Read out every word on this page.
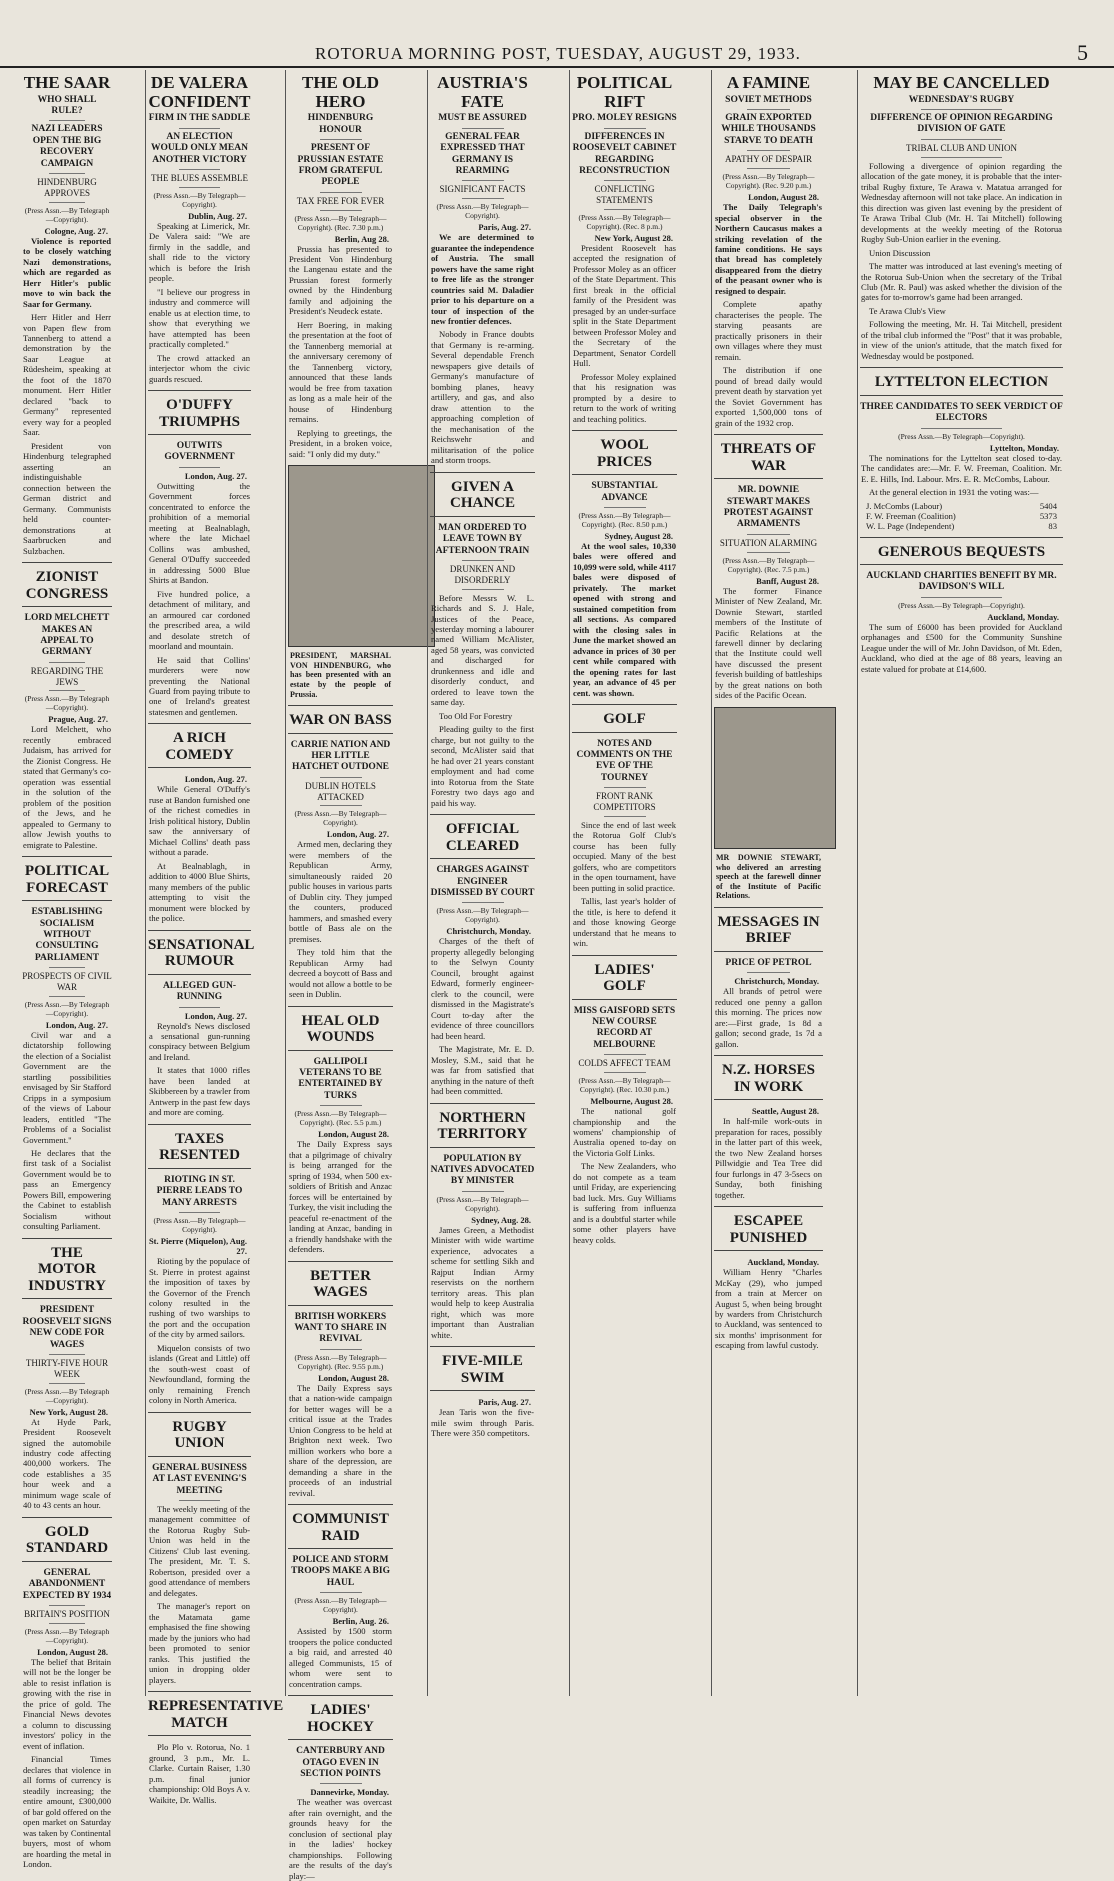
ROTORUA MORNING POST, TUESDAY, AUGUST 29, 1933.	5
THE SAAR
WHO SHALL RULE?
NAZI LEADERS OPEN THE BIG RECOVERY CAMPAIGN
HINDENBURG APPROVES
(Press Assn.—By Telegraph—Copyright).
Cologne, Aug. 27.

Violence is reported to be closely watching Nazi demonstrations, which are regarded as Herr Hitler's public move to win back the Saar for Germany.

Herr Hitler and Herr von Papen flew from Tannenberg to attend a demonstration by the Saar League at Rüdesheim, speaking at the foot of the 1870 monument. Herr Hitler declared "back to Germany" represented every way for a peopled Saar.

President von Hindenburg telegraphed asserting an indistinguishable connection between the German district and Germany. Communists held counter-demonstrations at Saarbrucken and Sulzbachen.

ZIONIST CONGRESS
LORD MELCHETT MAKES AN APPEAL TO GERMANY
REGARDING THE JEWS
(Press Assn.—By Telegraph—Copyright).
Prague, Aug. 27.

Lord Melchett, who recently embraced Judaism, has arrived for the Zionist Congress. He stated that Germany's co-operation was essential in the solution of the problem of the position of the Jews, and he appealed to Germany to allow Jewish youths to emigrate to Palestine.

POLITICAL FORECAST
ESTABLISHING SOCIALISM WITHOUT CONSULTING PARLIAMENT
PROSPECTS OF CIVIL WAR
(Press Assn.—By Telegraph—Copyright).
London, Aug. 27.

Civil war and a dictatorship following the election of a Socialist Government are the startling possibilities envisaged by Sir Stafford Cripps in a symposium of the views of Labour leaders, entitled "The Problems of a Socialist Government."

He declares that the first task of a Socialist Government would be to pass an Emergency Powers Bill, empowering the Cabinet to establish Socialism without consulting Parliament.

THE MOTOR INDUSTRY
PRESIDENT ROOSEVELT SIGNS NEW CODE FOR WAGES
THIRTY-FIVE HOUR WEEK
(Press Assn.—By Telegraph—Copyright).
New York, August 28.

At Hyde Park, President Roosevelt signed the automobile industry code affecting 400,000 workers. The code establishes a 35 hour week and a minimum wage scale of 40 to 43 cents an hour.

GOLD STANDARD
GENERAL ABANDONMENT EXPECTED BY 1934
BRITAIN'S POSITION
(Press Assn.—By Telegraph—Copyright).
London, August 28.

The belief that Britain will not be the longer be able to resist inflation is growing with the rise in the price of gold. The Financial News devotes a column to discussing investors' policy in the event of inflation.

Financial Times declares that violence in all forms of currency is steadily increasing; the entire amount, £300,000 of bar gold offered on the open market on Saturday was taken by Continental buyers, most of whom are hoarding the metal in London.

DE VALERA CONFIDENT
FIRM IN THE SADDLE
AN ELECTION WOULD ONLY MEAN ANOTHER VICTORY
THE BLUES ASSEMBLE
(Press Assn.—By Telegraph—Copyright).
Dublin, Aug. 27.

Speaking at Limerick, Mr. De Valera said: "We are firmly in the saddle, and shall ride to the victory which is before the Irish people.

"I believe our progress in industry and commerce will enable us at election time, to show that everything we have attempted has been practically completed."

The crowd attacked an interjector whom the civic guards rescued.

O'DUFFY TRIUMPHS
OUTWITS GOVERNMENT
London, Aug. 27.

Outwitting the Government forces concentrated to enforce the prohibition of a memorial meeting at Bealnablagh, where the late Michael Collins was ambushed, General O'Duffy succeeded in addressing 5000 Blue Shirts at Bandon.

Five hundred police, a detachment of military, and an armoured car cordoned the prescribed area, a wild and desolate stretch of moorland and mountain.

He said that Collins' murderers were now preventing the National Guard from paying tribute to one of Ireland's greatest statesmen and gentlemen.

A RICH COMEDY
London, Aug. 27.

While General O'Duffy's ruse at Bandon furnished one of the richest comedies in Irish political history, Dublin saw the anniversary of Michael Collins' death pass without a parade.

At Bealnablagh, in addition to 4000 Blue Shirts, many members of the public attempting to visit the monument were blocked by the police.

SENSATIONAL RUMOUR
ALLEGED GUN-RUNNING
London, Aug. 27.

Reynold's News disclosed a sensational gun-running conspiracy between Belgium and Ireland.

It states that 1000 rifles have been landed at Skibbereen by a trawler from Antwerp in the past few days and more are coming.

TAXES RESENTED
RIOTING IN ST. PIERRE LEADS TO MANY ARRESTS
(Press Assn.—By Telegraph—Copyright).
St. Pierre (Miquelon), Aug. 27.

Rioting by the populace of St. Pierre in protest against the imposition of taxes by the Governor of the French colony resulted in the rushing of two warships to the port and the occupation of the city by armed sailors.

Miquelon consists of two islands (Great and Little) off the south-west coast of Newfoundland, forming the only remaining French colony in North America.

RUGBY UNION
GENERAL BUSINESS AT LAST EVENING'S MEETING

The weekly meeting of the management committee of the Rotorua Rugby Sub-Union was held in the Citizens' Club last evening. The president, Mr. T. S. Robertson, presided over a good attendance of members and delegates.

The manager's report on the Matamata game emphasised the fine showing made by the juniors who had been promoted to senior ranks. This justified the union in dropping older players.

REPRESENTATIVE MATCH

Plo Plo v. Rotorua, No. 1 ground, 3 p.m., Mr. L. Clarke. Curtain Raiser, 1.30 p.m. final junior championship: Old Boys A v. Waikite, Dr. Wallis.

THE OLD HERO
HINDENBURG HONOUR
PRESENT OF PRUSSIAN ESTATE FROM GRATEFUL PEOPLE
TAX FREE FOR EVER
(Press Assn.—By Telegraph—Copyright). (Rec. 7.30 p.m.)
Berlin, Aug 28.

Prussia has presented to President Von Hindenburg the Langenau estate and the Prussian forest formerly owned by the Hindenburg family and adjoining the President's Neudeck estate.

Herr Boering, in making the presentation at the foot of the Tannenberg memorial at the anniversary ceremony of the Tannenberg victory, announced that these lands would be free from taxation as long as a male heir of the house of Hindenburg remains.

Replying to greetings, the President, in a broken voice, said: "I only did my duty."

PRESIDENT, MARSHAL VON HINDENBURG, who has been presented with an estate by the people of Prussia.
WAR ON BASS
CARRIE NATION AND HER LITTLE HATCHET OUTDONE
DUBLIN HOTELS ATTACKED
(Press Assn.—By Telegraph—Copyright).
London, Aug. 27.

Armed men, declaring they were members of the Republican Army, simultaneously raided 20 public houses in various parts of Dublin city. They jumped the counters, produced hammers, and smashed every bottle of Bass ale on the premises.

They told him that the Republican Army had decreed a boycott of Bass and would not allow a bottle to be seen in Dublin.

HEAL OLD WOUNDS
GALLIPOLI VETERANS TO BE ENTERTAINED BY TURKS
(Press Assn.—By Telegraph—Copyright). (Rec. 5.5 p.m.)
London, August 28.

The Daily Express says that a pilgrimage of chivalry is being arranged for the spring of 1934, when 500 ex-soldiers of British and Anzac forces will be entertained by Turkey, the visit including the peaceful re-enactment of the landing at Anzac, banding in a friendly handshake with the defenders.

BETTER WAGES
BRITISH WORKERS WANT TO SHARE IN REVIVAL
(Press Assn.—By Telegraph—Copyright). (Rec. 9.55 p.m.)
London, August 28.

The Daily Express says that a nation-wide campaign for better wages will be a critical issue at the Trades Union Congress to be held at Brighton next week. Two million workers who bore a share of the depression, are demanding a share in the proceeds of an industrial revival.

COMMUNIST RAID
POLICE AND STORM TROOPS MAKE A BIG HAUL
(Press Assn.—By Telegraph—Copyright).
Berlin, Aug. 26.

Assisted by 1500 storm troopers the police conducted a big raid, and arrested 40 alleged Communists, 15 of whom were sent to concentration camps.

LADIES' HOCKEY
CANTERBURY AND OTAGO EVEN IN SECTION POINTS
Dannevirke, Monday.

The weather was overcast after rain overnight, and the grounds heavy for the conclusion of sectional play in the ladies' hockey championships. Following are the results of the day's play:—

AUSTRIA'S FATE
MUST BE ASSURED
GENERAL FEAR EXPRESSED THAT GERMANY IS REARMING
SIGNIFICANT FACTS
(Press Assn.—By Telegraph—Copyright).
Paris, Aug. 27.

We are determined to guarantee the independence of Austria. The small powers have the same right to free life as the stronger countries said M. Daladier prior to his departure on a tour of inspection of the new frontier defences.

Nobody in France doubts that Germany is re-arming. Several dependable French newspapers give details of Germany's manufacture of bombing planes, heavy artillery, and gas, and also draw attention to the approaching completion of the mechanisation of the Reichswehr and militarisation of the police and storm troops.

GIVEN A CHANCE
MAN ORDERED TO LEAVE TOWN BY AFTERNOON TRAIN
DRUNKEN AND DISORDERLY

Before Messrs W. L. Richards and S. J. Hale, Justices of the Peace, yesterday morning a labourer named William McAlister, aged 58 years, was convicted and discharged for drunkenness and idle and disorderly conduct, and ordered to leave town the same day.

Too Old For Forestry

Pleading guilty to the first charge, but not guilty to the second, McAlister said that he had over 21 years constant employment and had come into Rotorua from the State Forestry two days ago and paid his way.

OFFICIAL CLEARED
CHARGES AGAINST ENGINEER DISMISSED BY COURT
(Press Assn.—By Telegraph—Copyright).
Christchurch, Monday.

Charges of the theft of property allegedly belonging to the Selwyn County Council, brought against Edward, formerly engineer-clerk to the council, were dismissed in the Magistrate's Court to-day after the evidence of three councillors had been heard.

The Magistrate, Mr. E. D. Mosley, S.M., said that he was far from satisfied that anything in the nature of theft had been committed.

NORTHERN TERRITORY
POPULATION BY NATIVES ADVOCATED BY MINISTER
(Press Assn.—By Telegraph—Copyright).
Sydney, Aug. 28.

James Green, a Methodist Minister with wide wartime experience, advocates a scheme for settling Sikh and Rajput Indian Army reservists on the northern territory areas. This plan would help to keep Australia right, which was more important than Australian white.

FIVE-MILE SWIM
Paris, Aug. 27.

Jean Taris won the five-mile swim through Paris. There were 350 competitors.

POLITICAL RIFT
PRO. MOLEY RESIGNS
DIFFERENCES IN ROOSEVELT CABINET REGARDING RECONSTRUCTION
CONFLICTING STATEMENTS
(Press Assn.—By Telegraph—Copyright). (Rec. 8 p.m.)
New York, August 28.

President Roosevelt has accepted the resignation of Professor Moley as an officer of the State Department. This first break in the official family of the President was presaged by an under-surface split in the State Department between Professor Moley and the Secretary of the Department, Senator Cordell Hull.

Professor Moley explained that his resignation was prompted by a desire to return to the work of writing and teaching politics.

WOOL PRICES
SUBSTANTIAL ADVANCE
(Press Assn.—By Telegraph—Copyright). (Rec. 8.50 p.m.)
Sydney, August 28.

At the wool sales, 10,330 bales were offered and 10,099 were sold, while 4117 bales were disposed of privately. The market opened with strong and sustained competition from all sections. As compared with the closing sales in June the market showed an advance in prices of 30 per cent while compared with the opening rates for last year, an advance of 45 per cent. was shown.

GOLF
NOTES AND COMMENTS ON THE EVE OF THE TOURNEY
FRONT RANK COMPETITORS

Since the end of last week the Rotorua Golf Club's course has been fully occupied. Many of the best golfers, who are competitors in the open tournament, have been putting in solid practice.

Tallis, last year's holder of the title, is here to defend it and those knowing George understand that he means to win.

LADIES' GOLF
MISS GAISFORD SETS NEW COURSE RECORD AT MELBOURNE
COLDS AFFECT TEAM
(Press Assn.—By Telegraph—Copyright). (Rec. 10.30 p.m.)
Melbourne, August 28.

The national golf championship and the womens' championship of Australia opened to-day on the Victoria Golf Links.

The New Zealanders, who do not compete as a team until Friday, are experiencing bad luck. Mrs. Guy Williams is suffering from influenza and is a doubtful starter while some other players have heavy colds.

A FAMINE
SOVIET METHODS
GRAIN EXPORTED WHILE THOUSANDS STARVE TO DEATH
APATHY OF DESPAIR
(Press Assn.—By Telegraph—Copyright). (Rec. 9.20 p.m.)
London, August 28.

The Daily Telegraph's special observer in the Northern Caucasus makes a striking revelation of the famine conditions. He says that bread has completely disappeared from the dietry of the peasant owner who is resigned to despair.

Complete apathy characterises the people. The starving peasants are practically prisoners in their own villages where they must remain.

The distribution if one pound of bread daily would prevent death by starvation yet the Soviet Government has exported 1,500,000 tons of grain of the 1932 crop.

THREATS OF WAR
MR. DOWNIE STEWART MAKES PROTEST AGAINST ARMAMENTS
SITUATION ALARMING
(Press Assn.—By Telegraph—Copyright). (Rec. 7.5 p.m.)
Banff, August 28.

The former Finance Minister of New Zealand, Mr. Downie Stewart, startled members of the Institute of Pacific Relations at the farewell dinner by declaring that the Institute could well have discussed the present feverish building of battleships by the great nations on both sides of the Pacific Ocean.

MR DOWNIE STEWART, who delivered an arresting speech at the farewell dinner of the Institute of Pacific Relations.
MESSAGES IN BRIEF
PRICE OF PETROL
Christchurch, Monday.

All brands of petrol were reduced one penny a gallon this morning. The prices now are:—First grade, 1s 8d a gallon; second grade, 1s 7d a gallon.

N.Z. HORSES IN WORK
Seattle, August 28.

In half-mile work-outs in preparation for races, possibly in the latter part of this week, the two New Zealand horses Pillwidgie and Tea Tree did four furlongs in 47 3-5secs on Sunday, both finishing together.

ESCAPEE PUNISHED
Auckland, Monday.

William Henry "Charles McKay (29), who jumped from a train at Mercer on August 5, when being brought by warders from Christchurch to Auckland, was sentenced to six months' imprisonment for escaping from lawful custody.

MAY BE CANCELLED
WEDNESDAY'S RUGBY
DIFFERENCE OF OPINION REGARDING DIVISION OF GATE
TRIBAL CLUB AND UNION

Following a divergence of opinion regarding the allocation of the gate money, it is probable that the inter-tribal Rugby fixture, Te Arawa v. Matatua arranged for Wednesday afternoon will not take place. An indication in this direction was given last evening by the president of Te Arawa Tribal Club (Mr. H. Tai Mitchell) following developments at the weekly meeting of the Rotorua Rugby Sub-Union earlier in the evening.

Union Discussion

The matter was introduced at last evening's meeting of the Rotorua Sub-Union when the secretary of the Tribal Club (Mr. R. Paul) was asked whether the division of the gates for to-morrow's game had been arranged.

Te Arawa Club's View

Following the meeting, Mr. H. Tai Mitchell, president of the tribal club informed the "Post" that it was probable, in view of the union's attitude, that the match fixed for Wednesday would be postponed.

LYTTELTON ELECTION
THREE CANDIDATES TO SEEK VERDICT OF ELECTORS
(Press Assn.—By Telegraph—Copyright).
Lyttelton, Monday.

The nominations for the Lyttelton seat closed to-day. The candidates are:—Mr. F. W. Freeman, Coalition. Mr. E. E. Hills, Ind. Labour. Mrs. E. R. McCombs, Labour.

At the general election in 1931 the voting was:—

J. McCombs (Labour)	5404
F. W. Freeman (Coalition)	5373
W. L. Page (Independent)	83
GENEROUS BEQUESTS
AUCKLAND CHARITIES BENEFIT BY MR. DAVIDSON'S WILL
(Press Assn.—By Telegraph—Copyright).
Auckland, Monday.

The sum of £6000 has been provided for Auckland orphanages and £500 for the Community Sunshine League under the will of Mr. John Davidson, of Mt. Eden, Auckland, who died at the age of 88 years, leaving an estate valued for probate at £14,600.
